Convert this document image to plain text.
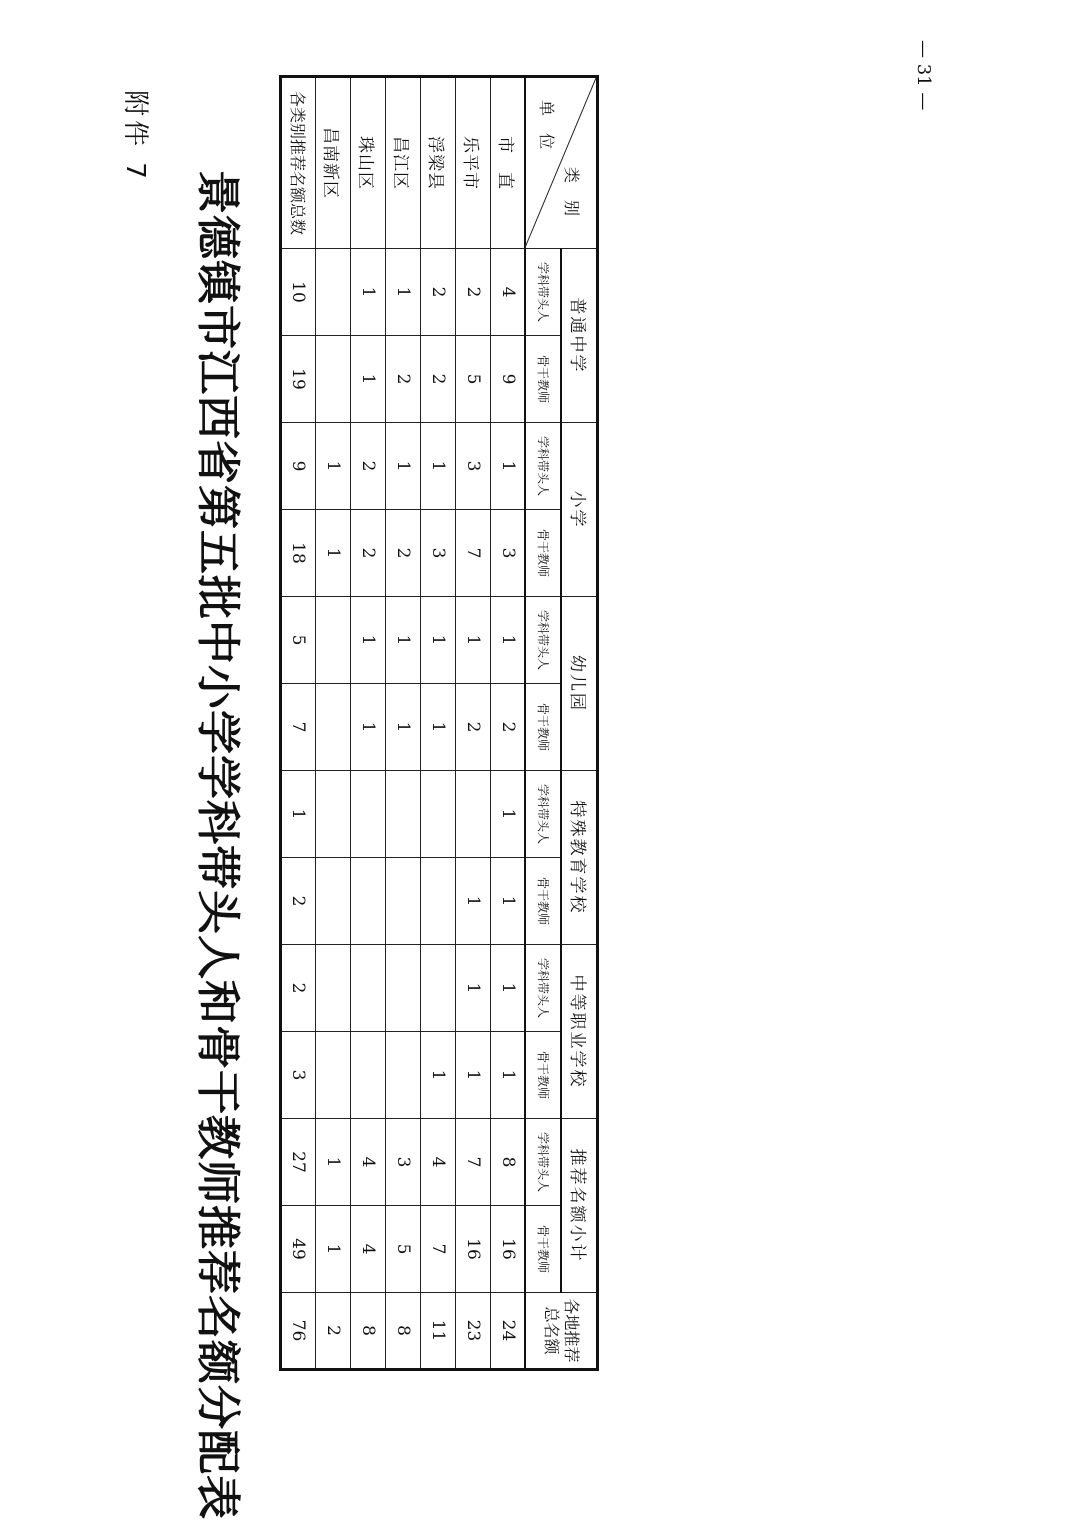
附件 7
景德镇市江西省第五批中小学学科带头人和骨干教师推荐名额分配表	类 别
单 位	普通中学		小学		幼儿园		特殊教育学校		中等职业学校		推荐名额小计		各地推荐总名额
	学科带头人	骨干教师	学科带头人	骨干教师	学科带头人	骨干教师	学科带头人	骨干教师	学科带头人	骨干教师	学科带头人	骨干教师	
市　直	4	9	1	3	1	2	1	1	1	1	8	16	24
乐平市	2	5	3	7	1	2		1	1	1	7	16	23
浮梁县	2	2	1	3	1	1				1	4	7	11
昌江区	1	2	1	2	1	1					3	5	8
珠山区	1	1	2	2	1	1					4	4	8
昌南新区			1	1							1	1	2
各类别推荐名额总数	10	19	9	18	5	7	1	2	2	3	27	49	76
— 31 —
